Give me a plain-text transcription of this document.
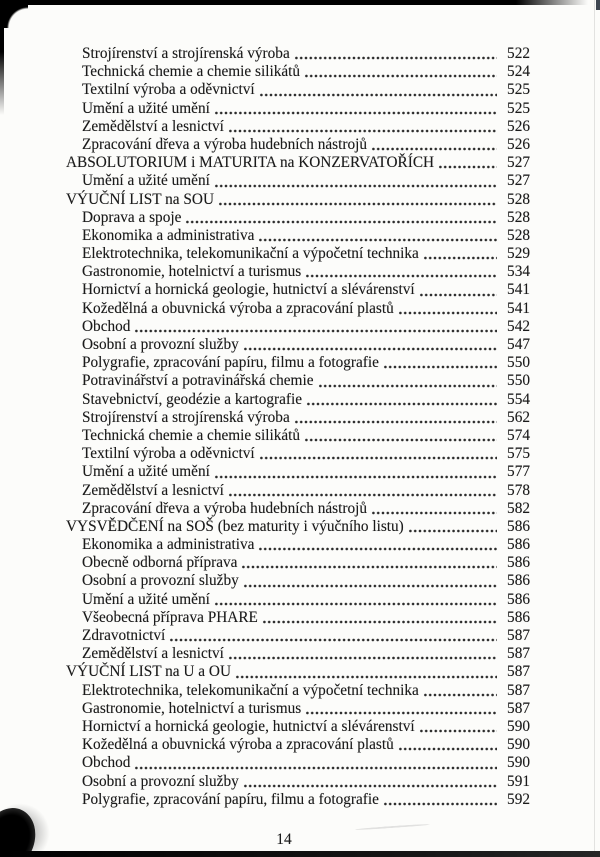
Strojírenství a strojírenská výroba	522
Technická chemie a chemie silikátů	524
Textilní výroba a oděvnictví	525
Umění a užité umění	525
Zemědělství a lesnictví	526
Zpracování dřeva a výroba hudebních nástrojů	526
ABSOLUTORIUM i MATURITA na KONZERVATOŘÍCH	527
Umění a užité umění	527
VÝUČNÍ LIST na SOU	528
Doprava a spoje	528
Ekonomika a administrativa	528
Elektrotechnika, telekomunikační a výpočetní technika	529
Gastronomie, hotelnictví a turismus	534
Hornictví a hornická geologie, hutnictví a slévárenství	541
Kožedělná a obuvnická výroba a zpracování plastů	541
Obchod	542
Osobní a provozní služby	547
Polygrafie, zpracování papíru, filmu a fotografie	550
Potravinářství a potravinářská chemie	550
Stavebnictví, geodézie a kartografie	554
Strojírenství a strojírenská výroba	562
Technická chemie a chemie silikátů	574
Textilní výroba a oděvnictví	575
Umění a užité umění	577
Zemědělství a lesnictví	578
Zpracování dřeva a výroba hudebních nástrojů	582
VYSVĚDČENÍ na SOŠ (bez maturity i výučního listu)	586
Ekonomika a administrativa	586
Obecně odborná příprava	586
Osobní a provozní služby	586
Umění a užité umění	586
Všeobecná příprava PHARE	586
Zdravotnictví	587
Zemědělství a lesnictví	587
VÝUČNÍ LIST na U a OU	587
Elektrotechnika, telekomunikační a výpočetní technika	587
Gastronomie, hotelnictví a turismus	587
Hornictví a hornická geologie, hutnictví a slévárenství	590
Kožedělná a obuvnická výroba a zpracování plastů	590
Obchod	590
Osobní a provozní služby	591
Polygrafie, zpracování papíru, filmu a fotografie	592
14
